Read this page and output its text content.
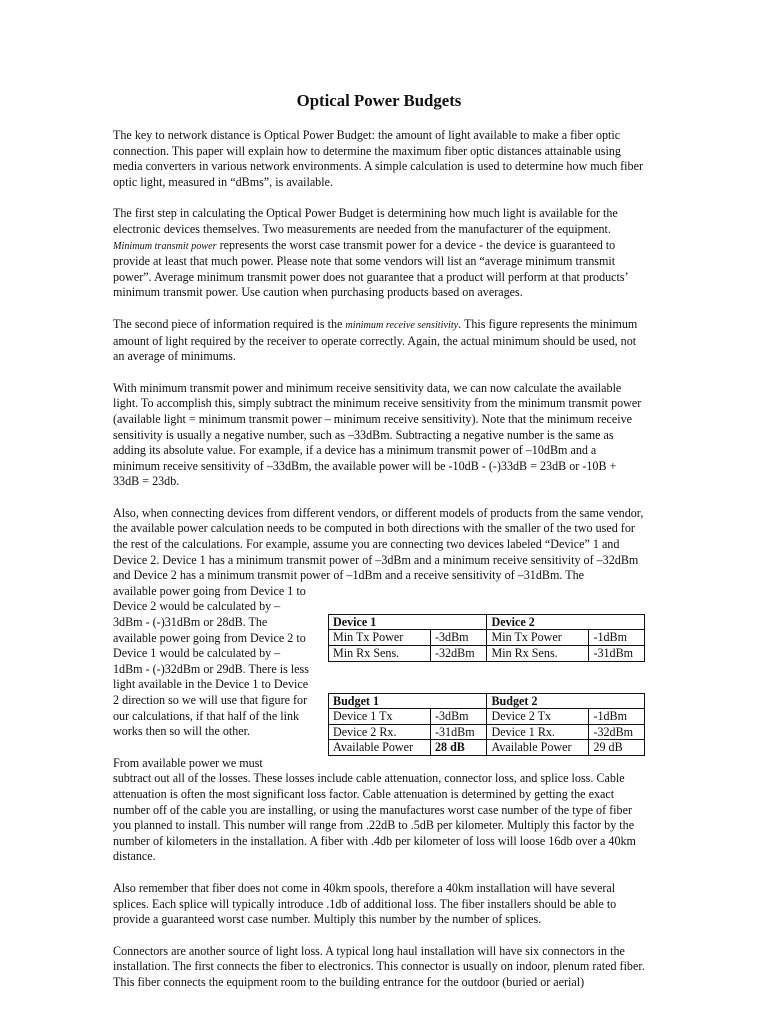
Optical Power Budgets

The key to network distance is Optical Power Budget: the amount of light available to make a fiber optic connection. This paper will explain how to determine the maximum fiber optic distances attainable using media converters in various network environments. A simple calculation is used to determine how much fiber optic light, measured in “dBms”, is available.

The first step in calculating the Optical Power Budget is determining how much light is available for the electronic devices themselves. Two measurements are needed from the manufacturer of the equipment. Minimum transmit power represents the worst case transmit power for a device - the device is guaranteed to provide at least that much power. Please note that some vendors will list an “average minimum transmit power”. Average minimum transmit power does not guarantee that a product will perform at that products’ minimum transmit power. Use caution when purchasing products based on averages.

The second piece of information required is the minimum receive sensitivity. This figure represents the minimum amount of light required by the receiver to operate correctly. Again, the actual minimum should be used, not an average of minimums.

With minimum transmit power and minimum receive sensitivity data, we can now calculate the available light. To accomplish this, simply subtract the minimum receive sensitivity from the minimum transmit power (available light = minimum transmit power – minimum receive sensitivity). Note that the minimum receive sensitivity is usually a negative number, such as –33dBm. Subtracting a negative number is the same as adding its absolute value. For example, if a device has a minimum transmit power of –10dBm and a minimum receive sensitivity of –33dBm, the available power will be -10dB - (-)33dB = 23dB or -10B + 33dB = 23db.

Also, when connecting devices from different vendors, or different models of products from the same vendor, the available power calculation needs to be computed in both directions with the smaller of the two used for the rest of the calculations. For example, assume you are connecting two devices labeled “Device” 1 and Device 2. Device 1 has a minimum transmit power of –3dBm and a minimum receive sensitivity of –32dBm and Device 2 has a minimum transmit power of –1dBm and a receive sensitivity of –31dBm. The

Device 1		Device 2	
Min Tx Power	-3dBm	Min Tx Power	-1dBm
Min Rx Sens.	-32dBm	Min Rx Sens.	-31dBm
Budget 1		Budget 2	
Device 1 Tx	-3dBm	Device 2 Tx	-1dBm
Device 2 Rx.	-31dBm	Device 1 Rx.	-32dBm
Available Power	28 dB	Available Power	29 dB

available power going from Device 1 to Device 2 would be calculated by –3dBm - (-)31dBm or 28dB. The available power going from Device 2 to Device 1 would be calculated by –1dBm - (-)32dBm or 29dB. There is less light available in the Device 1 to Device 2 direction so we will use that figure for our calculations, if that half of the link works then so will the other.

From available power we must

subtract out all of the losses. These losses include cable attenuation, connector loss, and splice loss. Cable attenuation is often the most significant loss factor. Cable attenuation is determined by getting the exact number off of the cable you are installing, or using the manufactures worst case number of the type of fiber you planned to install. This number will range from .22dB to .5dB per kilometer. Multiply this factor by the number of kilometers in the installation. A fiber with .4db per kilometer of loss will loose 16db over a 40km distance.

Also remember that fiber does not come in 40km spools, therefore a 40km installation will have several splices. Each splice will typically introduce .1db of additional loss. The fiber installers should be able to provide a guaranteed worst case number. Multiply this number by the number of splices.

Connectors are another source of light loss. A typical long haul installation will have six connectors in the installation. The first connects the fiber to electronics. This connector is usually on indoor, plenum rated fiber. This fiber connects the equipment room to the building entrance for the outdoor (buried or aerial)
